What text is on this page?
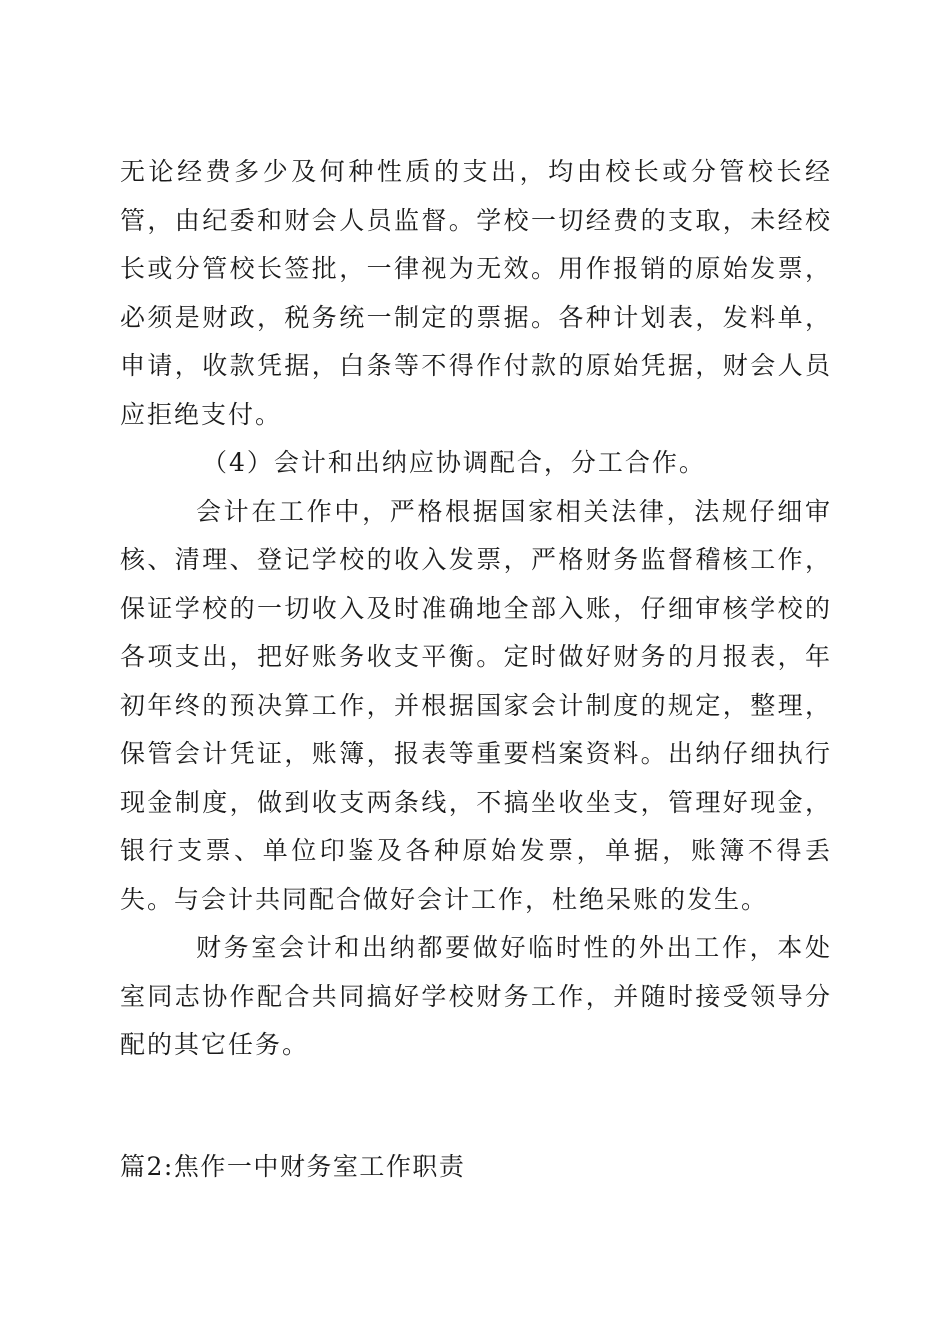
无论经费多少及何种性质的支出，均由校长或分管校长经管，由纪委和财会人员监督。学校一切经费的支取，未经校长或分管校长签批，一律视为无效。用作报销的原始发票，必须是财政，税务统一制定的票据。各种计划表，发料单，申请，收款凭据，白条等不得作付款的原始凭据，财会人员应拒绝支付。

（4）会计和出纳应协调配合，分工合作。

会计在工作中，严格根据国家相关法律，法规仔细审核、清理、登记学校的收入发票，严格财务监督稽核工作，保证学校的一切收入及时准确地全部入账，仔细审核学校的各项支出，把好账务收支平衡。定时做好财务的月报表，年初年终的预决算工作，并根据国家会计制度的规定，整理，保管会计凭证，账簿，报表等重要档案资料。出纳仔细执行现金制度，做到收支两条线，不搞坐收坐支，管理好现金，银行支票、单位印鉴及各种原始发票，单据，账簿不得丢失。与会计共同配合做好会计工作，杜绝呆账的发生。

财务室会计和出纳都要做好临时性的外出工作，本处室同志协作配合共同搞好学校财务工作，并随时接受领导分配的其它任务。

篇2:焦作一中财务室工作职责
